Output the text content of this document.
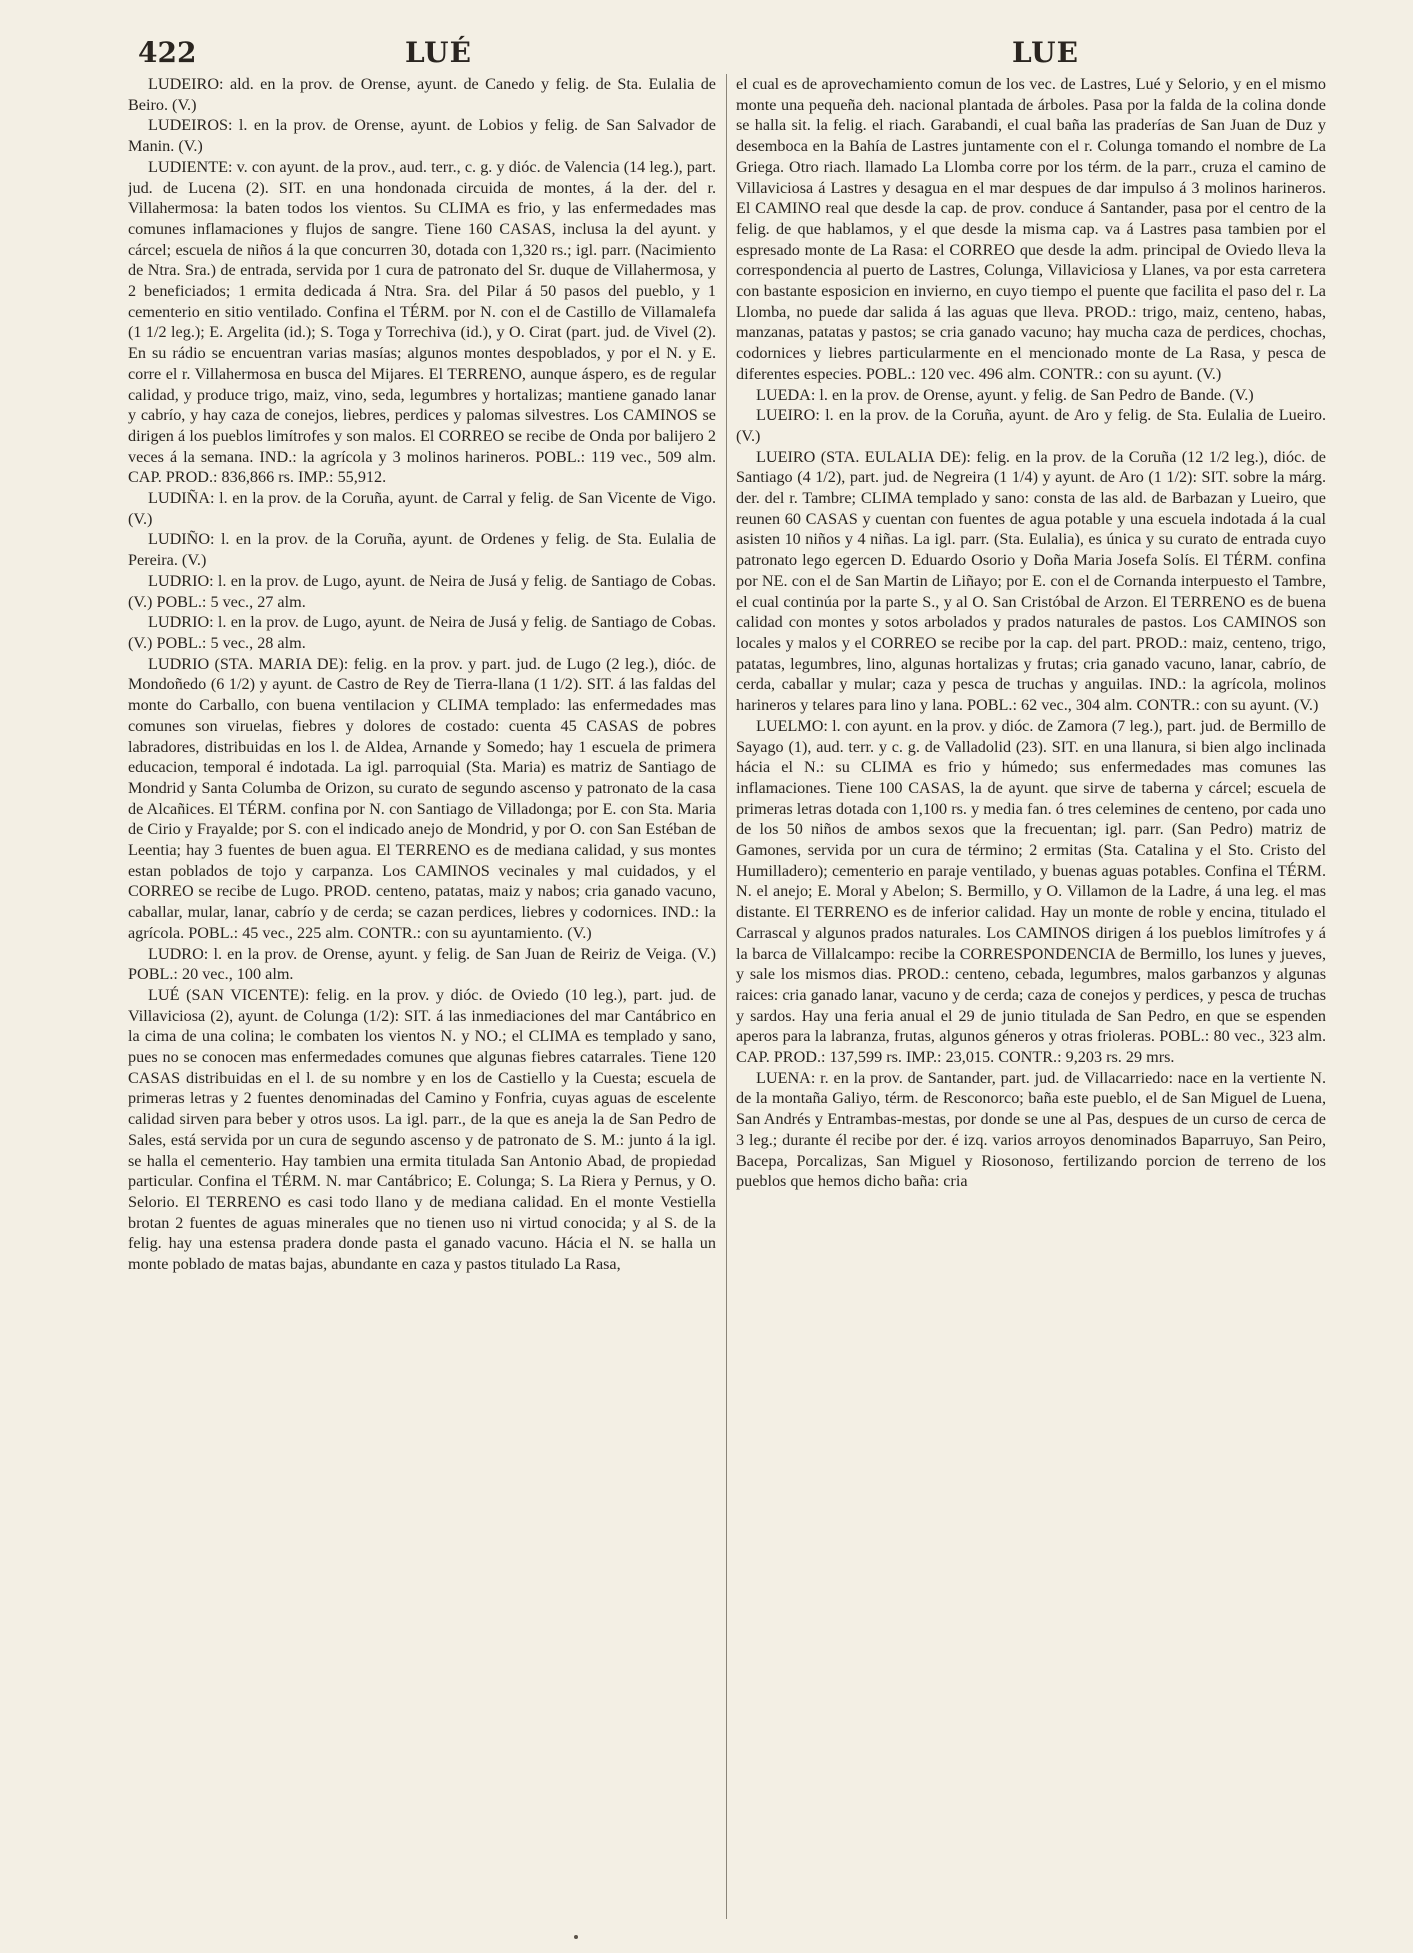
422	LUÉ	LUE

LUDEIRO: ald. en la prov. de Orense, ayunt. de Canedo y felig. de Sta. Eulalia de Beiro. (V.)

LUDEIROS: l. en la prov. de Orense, ayunt. de Lobios y felig. de San Salvador de Manin. (V.)

LUDIENTE: v. con ayunt. de la prov., aud. terr., c. g. y dióc. de Valencia (14 leg.), part. jud. de Lucena (2). SIT. en una hondonada circuida de montes, á la der. del r. Villahermosa: la baten todos los vientos. Su CLIMA es frio, y las enfermedades mas comunes inflamaciones y flujos de sangre. Tiene 160 CASAS, inclusa la del ayunt. y cárcel; escuela de niños á la que concurren 30, dotada con 1,320 rs.; igl. parr. (Nacimiento de Ntra. Sra.) de entrada, servida por 1 cura de patronato del Sr. duque de Villahermosa, y 2 beneficiados; 1 ermita dedicada á Ntra. Sra. del Pilar á 50 pasos del pueblo, y 1 cementerio en sitio ventilado. Confina el TÉRM. por N. con el de Castillo de Villamalefa (1 1/2 leg.); E. Argelita (id.); S. Toga y Torrechiva (id.), y O. Cirat (part. jud. de Vivel (2). En su rádio se encuentran varias masías; algunos montes despoblados, y por el N. y E. corre el r. Villahermosa en busca del Mijares. El TERRENO, aunque áspero, es de regular calidad, y produce trigo, maiz, vino, seda, legumbres y hortalizas; mantiene ganado lanar y cabrío, y hay caza de conejos, liebres, perdices y palomas silvestres. Los CAMINOS se dirigen á los pueblos limítrofes y son malos. El CORREO se recibe de Onda por balijero 2 veces á la semana. IND.: la agrícola y 3 molinos harineros. POBL.: 119 vec., 509 alm. CAP. PROD.: 836,866 rs. IMP.: 55,912.

LUDIÑA: l. en la prov. de la Coruña, ayunt. de Carral y felig. de San Vicente de Vigo. (V.)

LUDIÑO: l. en la prov. de la Coruña, ayunt. de Ordenes y felig. de Sta. Eulalia de Pereira. (V.)

LUDRIO: l. en la prov. de Lugo, ayunt. de Neira de Jusá y felig. de Santiago de Cobas. (V.) POBL.: 5 vec., 27 alm.

LUDRIO: l. en la prov. de Lugo, ayunt. de Neira de Jusá y felig. de Santiago de Cobas. (V.) POBL.: 5 vec., 28 alm.

LUDRIO (STA. MARIA DE): felig. en la prov. y part. jud. de Lugo (2 leg.), dióc. de Mondoñedo (6 1/2) y ayunt. de Castro de Rey de Tierra-llana (1 1/2). SIT. á las faldas del monte do Carballo, con buena ventilacion y CLIMA templado: las enfermedades mas comunes son viruelas, fiebres y dolores de costado: cuenta 45 CASAS de pobres labradores, distribuidas en los l. de Aldea, Arnande y Somedo; hay 1 escuela de primera educacion, temporal é indotada. La igl. parroquial (Sta. Maria) es matriz de Santiago de Mondrid y Santa Columba de Orizon, su curato de segundo ascenso y patronato de la casa de Alcañices. El TÉRM. confina por N. con Santiago de Villadonga; por E. con Sta. Maria de Cirio y Frayalde; por S. con el indicado anejo de Mondrid, y por O. con San Estéban de Leentia; hay 3 fuentes de buen agua. El TERRENO es de mediana calidad, y sus montes estan poblados de tojo y carpanza. Los CAMINOS vecinales y mal cuidados, y el CORREO se recibe de Lugo. PROD. centeno, patatas, maiz y nabos; cria ganado vacuno, caballar, mular, lanar, cabrío y de cerda; se cazan perdices, liebres y codornices. IND.: la agrícola. POBL.: 45 vec., 225 alm. CONTR.: con su ayuntamiento. (V.)

LUDRO: l. en la prov. de Orense, ayunt. y felig. de San Juan de Reiriz de Veiga. (V.) POBL.: 20 vec., 100 alm.

LUÉ (SAN VICENTE): felig. en la prov. y dióc. de Oviedo (10 leg.), part. jud. de Villaviciosa (2), ayunt. de Colunga (1/2): SIT. á las inmediaciones del mar Cantábrico en la cima de una colina; le combaten los vientos N. y NO.; el CLIMA es templado y sano, pues no se conocen mas enfermedades comunes que algunas fiebres catarrales. Tiene 120 CASAS distribuidas en el l. de su nombre y en los de Castiello y la Cuesta; escuela de primeras letras y 2 fuentes denominadas del Camino y Fonfria, cuyas aguas de escelente calidad sirven para beber y otros usos. La igl. parr., de la que es aneja la de San Pedro de Sales, está servida por un cura de segundo ascenso y de patronato de S. M.: junto á la igl. se halla el cementerio. Hay tambien una ermita titulada San Antonio Abad, de propiedad particular. Confina el TÉRM. N. mar Cantábrico; E. Colunga; S. La Riera y Pernus, y O. Selorio. El TERRENO es casi todo llano y de mediana calidad. En el monte Vestiella brotan 2 fuentes de aguas minerales que no tienen uso ni virtud conocida; y al S. de la felig. hay una estensa pradera donde pasta el ganado vacuno. Hácia el N. se halla un monte poblado de matas bajas, abundante en caza y pastos titulado La Rasa,

el cual es de aprovechamiento comun de los vec. de Lastres, Lué y Selorio, y en el mismo monte una pequeña deh. nacional plantada de árboles. Pasa por la falda de la colina donde se halla sit. la felig. el riach. Garabandi, el cual baña las praderías de San Juan de Duz y desemboca en la Bahía de Lastres juntamente con el r. Colunga tomando el nombre de La Griega. Otro riach. llamado La Llomba corre por los térm. de la parr., cruza el camino de Villaviciosa á Lastres y desagua en el mar despues de dar impulso á 3 molinos harineros. El CAMINO real que desde la cap. de prov. conduce á Santander, pasa por el centro de la felig. de que hablamos, y el que desde la misma cap. va á Lastres pasa tambien por el espresado monte de La Rasa: el CORREO que desde la adm. principal de Oviedo lleva la correspondencia al puerto de Lastres, Colunga, Villaviciosa y Llanes, va por esta carretera con bastante esposicion en invierno, en cuyo tiempo el puente que facilita el paso del r. La Llomba, no puede dar salida á las aguas que lleva. PROD.: trigo, maiz, centeno, habas, manzanas, patatas y pastos; se cria ganado vacuno; hay mucha caza de perdices, chochas, codornices y liebres particularmente en el mencionado monte de La Rasa, y pesca de diferentes especies. POBL.: 120 vec. 496 alm. CONTR.: con su ayunt. (V.)

LUEDA: l. en la prov. de Orense, ayunt. y felig. de San Pedro de Bande. (V.)

LUEIRO: l. en la prov. de la Coruña, ayunt. de Aro y felig. de Sta. Eulalia de Lueiro. (V.)

LUEIRO (STA. EULALIA DE): felig. en la prov. de la Coruña (12 1/2 leg.), dióc. de Santiago (4 1/2), part. jud. de Negreira (1 1/4) y ayunt. de Aro (1 1/2): SIT. sobre la márg. der. del r. Tambre; CLIMA templado y sano: consta de las ald. de Barbazan y Lueiro, que reunen 60 CASAS y cuentan con fuentes de agua potable y una escuela indotada á la cual asisten 10 niños y 4 niñas. La igl. parr. (Sta. Eulalia), es única y su curato de entrada cuyo patronato lego egercen D. Eduardo Osorio y Doña Maria Josefa Solís. El TÉRM. confina por NE. con el de San Martin de Liñayo; por E. con el de Cornanda interpuesto el Tambre, el cual continúa por la parte S., y al O. San Cristóbal de Arzon. El TERRENO es de buena calidad con montes y sotos arbolados y prados naturales de pastos. Los CAMINOS son locales y malos y el CORREO se recibe por la cap. del part. PROD.: maiz, centeno, trigo, patatas, legumbres, lino, algunas hortalizas y frutas; cria ganado vacuno, lanar, cabrío, de cerda, caballar y mular; caza y pesca de truchas y anguilas. IND.: la agrícola, molinos harineros y telares para lino y lana. POBL.: 62 vec., 304 alm. CONTR.: con su ayunt. (V.)

LUELMO: l. con ayunt. en la prov. y dióc. de Zamora (7 leg.), part. jud. de Bermillo de Sayago (1), aud. terr. y c. g. de Valladolid (23). SIT. en una llanura, si bien algo inclinada hácia el N.: su CLIMA es frio y húmedo; sus enfermedades mas comunes las inflamaciones. Tiene 100 CASAS, la de ayunt. que sirve de taberna y cárcel; escuela de primeras letras dotada con 1,100 rs. y media fan. ó tres celemines de centeno, por cada uno de los 50 niños de ambos sexos que la frecuentan; igl. parr. (San Pedro) matriz de Gamones, servida por un cura de término; 2 ermitas (Sta. Catalina y el Sto. Cristo del Humilladero); cementerio en paraje ventilado, y buenas aguas potables. Confina el TÉRM. N. el anejo; E. Moral y Abelon; S. Bermillo, y O. Villamon de la Ladre, á una leg. el mas distante. El TERRENO es de inferior calidad. Hay un monte de roble y encina, titulado el Carrascal y algunos prados naturales. Los CAMINOS dirigen á los pueblos limítrofes y á la barca de Villalcampo: recibe la CORRESPONDENCIA de Bermillo, los lunes y jueves, y sale los mismos dias. PROD.: centeno, cebada, legumbres, malos garbanzos y algunas raices: cria ganado lanar, vacuno y de cerda; caza de conejos y perdices, y pesca de truchas y sardos. Hay una feria anual el 29 de junio titulada de San Pedro, en que se espenden aperos para la labranza, frutas, algunos géneros y otras frioleras. POBL.: 80 vec., 323 alm. CAP. PROD.: 137,599 rs. IMP.: 23,015. CONTR.: 9,203 rs. 29 mrs.

LUENA: r. en la prov. de Santander, part. jud. de Villacarriedo: nace en la vertiente N. de la montaña Galiyo, térm. de Resconorco; baña este pueblo, el de San Miguel de Luena, San Andrés y Entrambas-mestas, por donde se une al Pas, despues de un curso de cerca de 3 leg.; durante él recibe por der. é izq. varios arroyos denominados Baparruyo, San Peiro, Bacepa, Porcalizas, San Miguel y Riosonoso, fertilizando porcion de terreno de los pueblos que hemos dicho baña: cria
